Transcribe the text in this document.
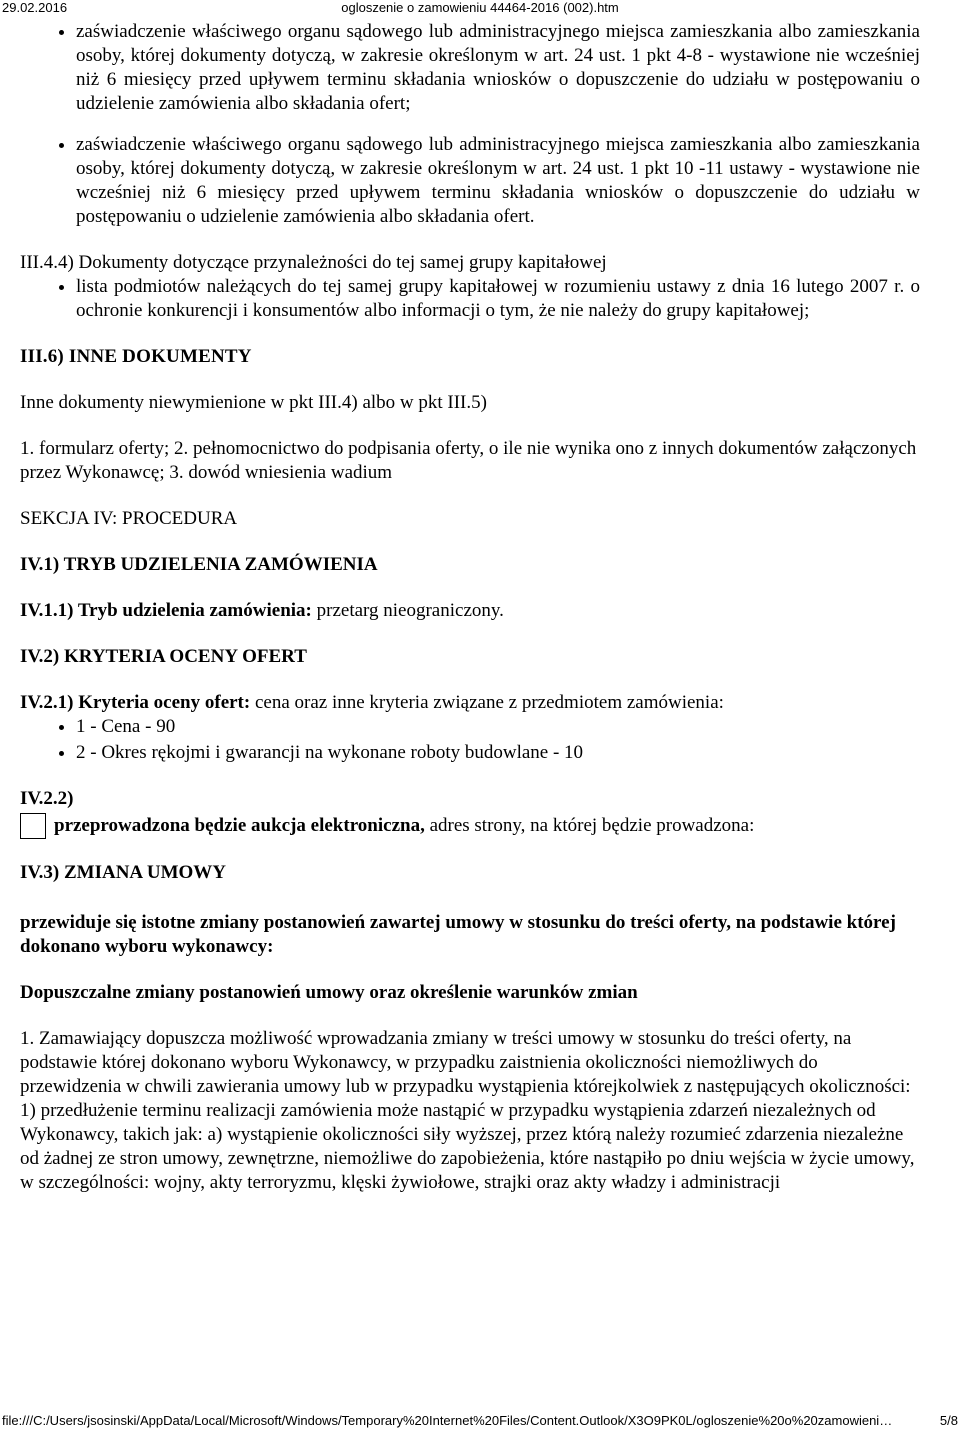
29.02.2016	ogloszenie o zamowieniu 44464-2016 (002).htm
• zaświadczenie właściwego organu sądowego lub administracyjnego miejsca zamieszkania albo zamieszkania osoby, której dokumenty dotyczą, w zakresie określonym w art. 24 ust. 1 pkt 4-8 - wystawione nie wcześniej niż 6 miesięcy przed upływem terminu składania wniosków o dopuszczenie do udziału w postępowaniu o udzielenie zamówienia albo składania ofert;
• zaświadczenie właściwego organu sądowego lub administracyjnego miejsca zamieszkania albo zamieszkania osoby, której dokumenty dotyczą, w zakresie określonym w art. 24 ust. 1 pkt 10 -11 ustawy - wystawione nie wcześniej niż 6 miesięcy przed upływem terminu składania wniosków o dopuszczenie do udziału w postępowaniu o udzielenie zamówienia albo składania ofert.

III.4.4) Dokumenty dotyczące przynależności do tej samej grupy kapitałowej

• lista podmiotów należących do tej samej grupy kapitałowej w rozumieniu ustawy z dnia 16 lutego 2007 r. o ochronie konkurencji i konsumentów albo informacji o tym, że nie należy do grupy kapitałowej;

III.6) INNE DOKUMENTY

Inne dokumenty niewymienione w pkt III.4) albo w pkt III.5)

1. formularz oferty; 2. pełnomocnictwo do podpisania oferty, o ile nie wynika ono z innych dokumentów załączonych przez Wykonawcę; 3. dowód wniesienia wadium

SEKCJA IV: PROCEDURA

IV.1) TRYB UDZIELENIA ZAMÓWIENIA

IV.1.1) Tryb udzielenia zamówienia: przetarg nieograniczony.

IV.2) KRYTERIA OCENY OFERT

IV.2.1) Kryteria oceny ofert: cena oraz inne kryteria związane z przedmiotem zamówienia:

• 1 - Cena - 90
• 2 - Okres rękojmi i gwarancji na wykonane roboty budowlane - 10

IV.2.2)

przeprowadzona będzie aukcja elektroniczna, adres strony, na której będzie prowadzona:

IV.3) ZMIANA UMOWY

przewiduje się istotne zmiany postanowień zawartej umowy w stosunku do treści oferty, na podstawie której dokonano wyboru wykonawcy:

Dopuszczalne zmiany postanowień umowy oraz określenie warunków zmian

1. Zamawiający dopuszcza możliwość wprowadzania zmiany w treści umowy w stosunku do treści oferty, na podstawie której dokonano wyboru Wykonawcy, w przypadku zaistnienia okoliczności niemożliwych do przewidzenia w chwili zawierania umowy lub w przypadku wystąpienia którejkolwiek z następujących okoliczności: 1) przedłużenie terminu realizacji zamówienia może nastąpić w przypadku wystąpienia zdarzeń niezależnych od Wykonawcy, takich jak: a) wystąpienie okoliczności siły wyższej, przez którą należy rozumieć zdarzenia niezależne od żadnej ze stron umowy, zewnętrzne, niemożliwe do zapobieżenia, które nastąpiło po dniu wejścia w życie umowy, w szczególności: wojny, akty terroryzmu, klęski żywiołowe, strajki oraz akty władzy i administracji

file:///C:/Users/jsosinski/AppData/Local/Microsoft/Windows/Temporary%20Internet%20Files/Content.Outlook/X3O9PK0L/ogloszenie%20o%20zamowieni…	5/8
